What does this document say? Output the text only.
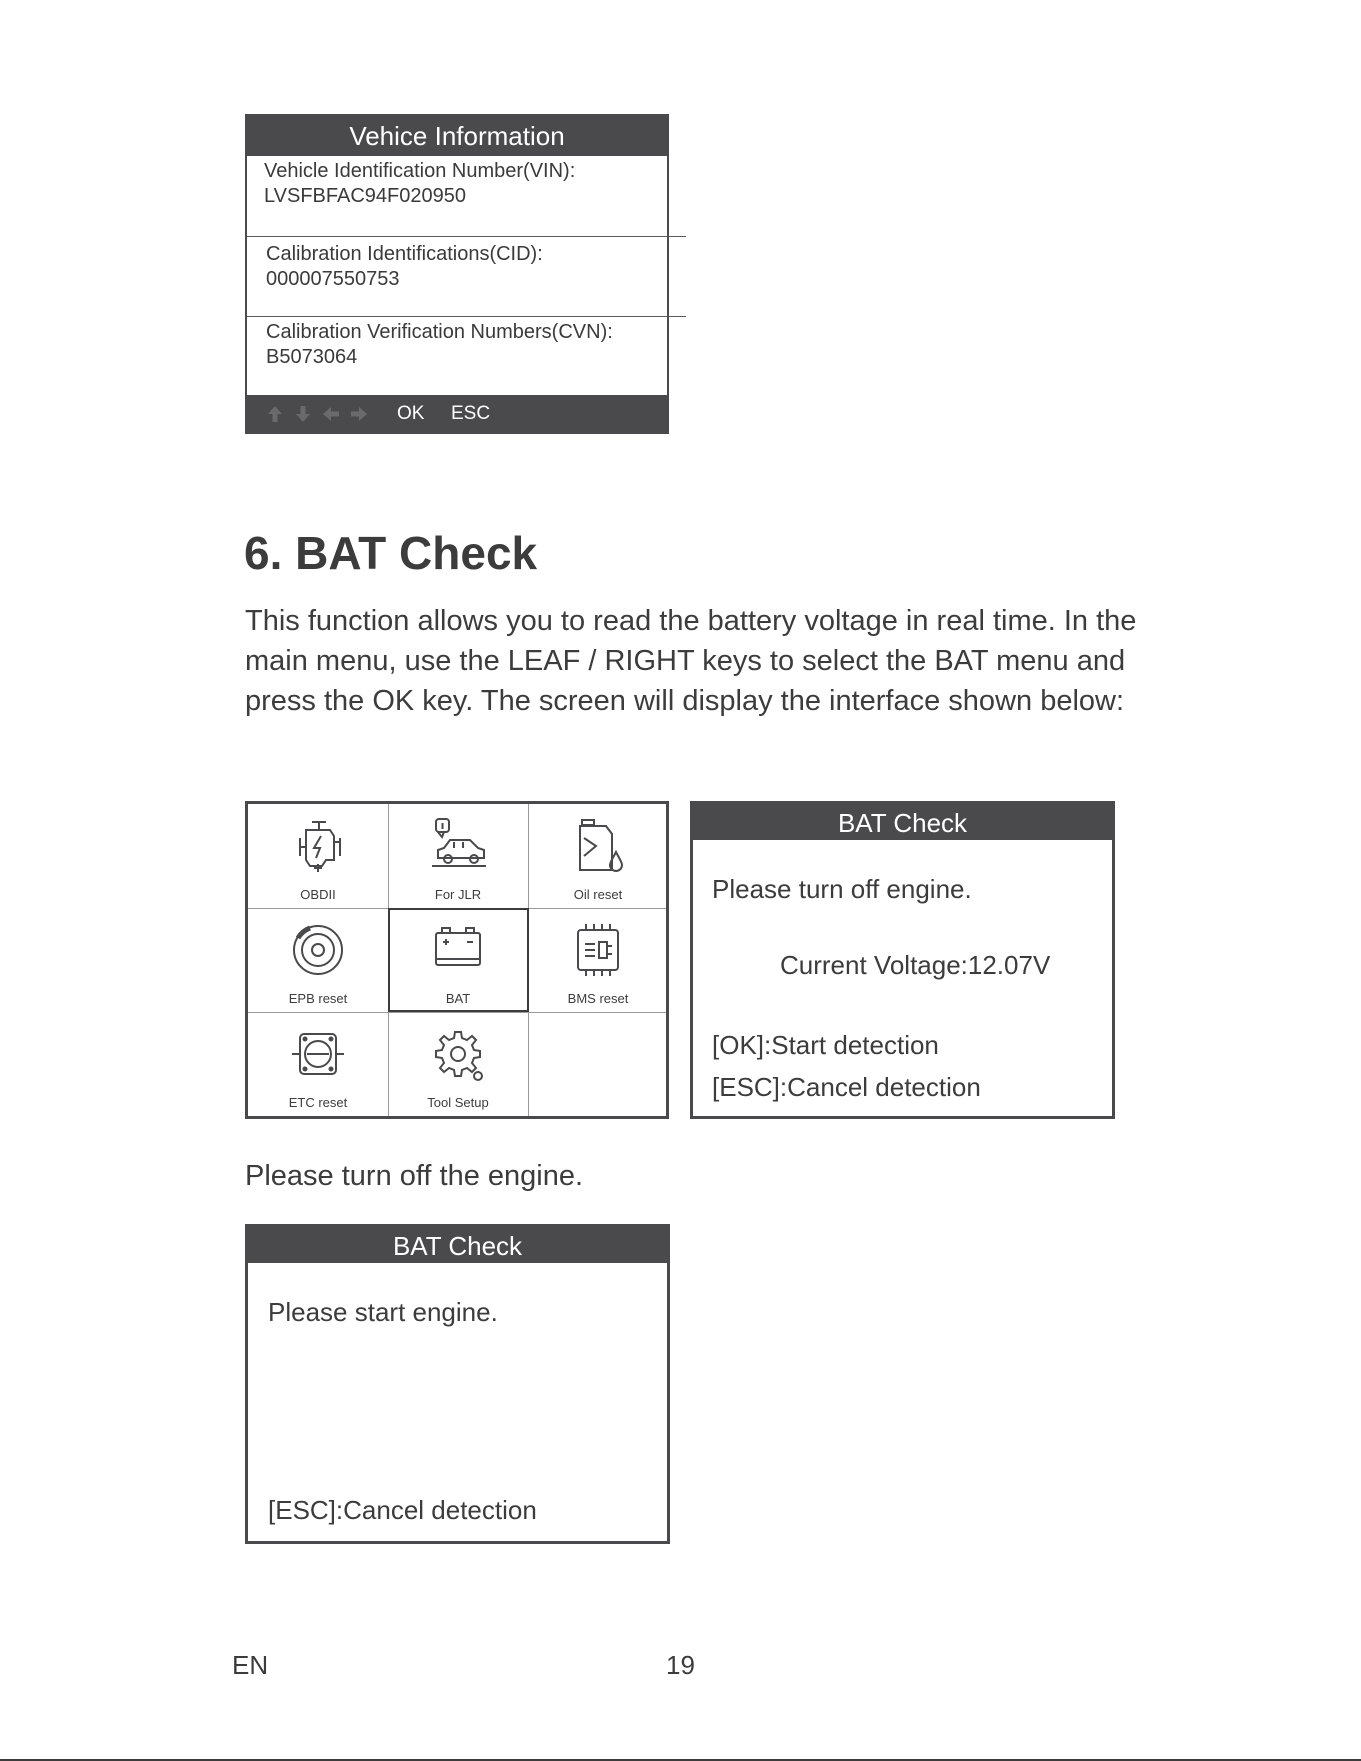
Vehice Information
Vehicle Identification Number(VIN):
LVSFBFAC94F020950
Calibration Identifications(CID):
000007550753
Calibration Verification Numbers(CVN):
B5073064
OK ESC
6. BAT Check
This function allows you to read the battery voltage in real time. In the main menu, use the LEAF / RIGHT keys to select the BAT menu and press the OK key. The screen will display the interface shown below:
OBDII	For JLR	Oil reset
EPB reset	BAT	BMS reset
ETC reset	Tool Setup
BAT Check
Please turn off engine.
Current Voltage:12.07V
[OK]:Start detection
[ESC]:Cancel detection
Please turn off the engine.
BAT Check
Please start engine.
[ESC]:Cancel detection
EN	19
